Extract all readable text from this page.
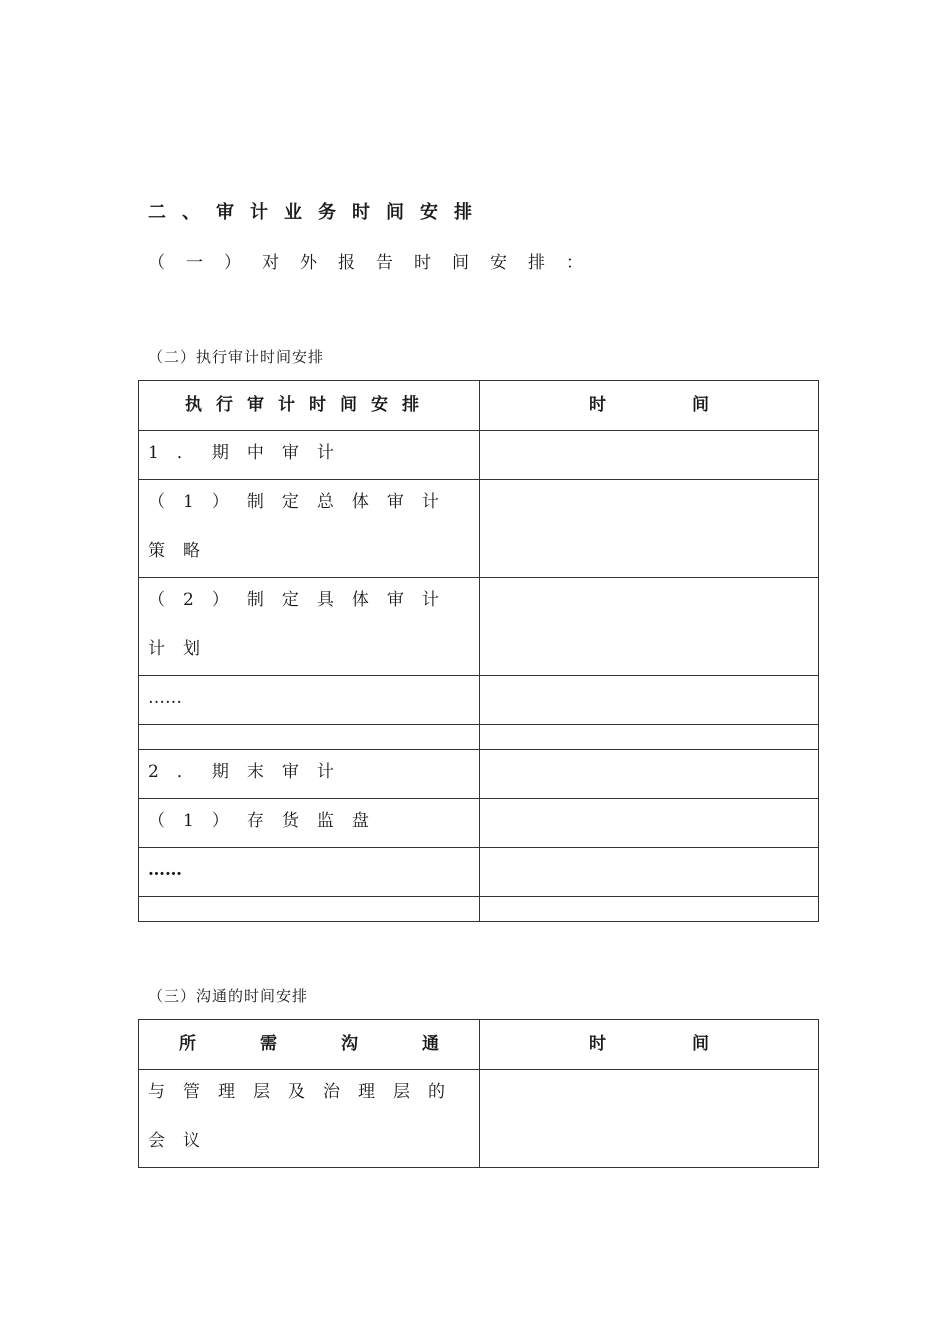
二、审计业务时间安排
（一）对外报告时间安排：
（二）执行审计时间安排
执行审计时间安排	时 间

1．期中审计	

（1）制定总体审计策略	

（2）制定具体审计计划	

……	

2．期末审计	

（1）存货监盘	

……	

（三）沟通的时间安排
所 需 沟 通	时 间

与管理层及治理层的会议	
